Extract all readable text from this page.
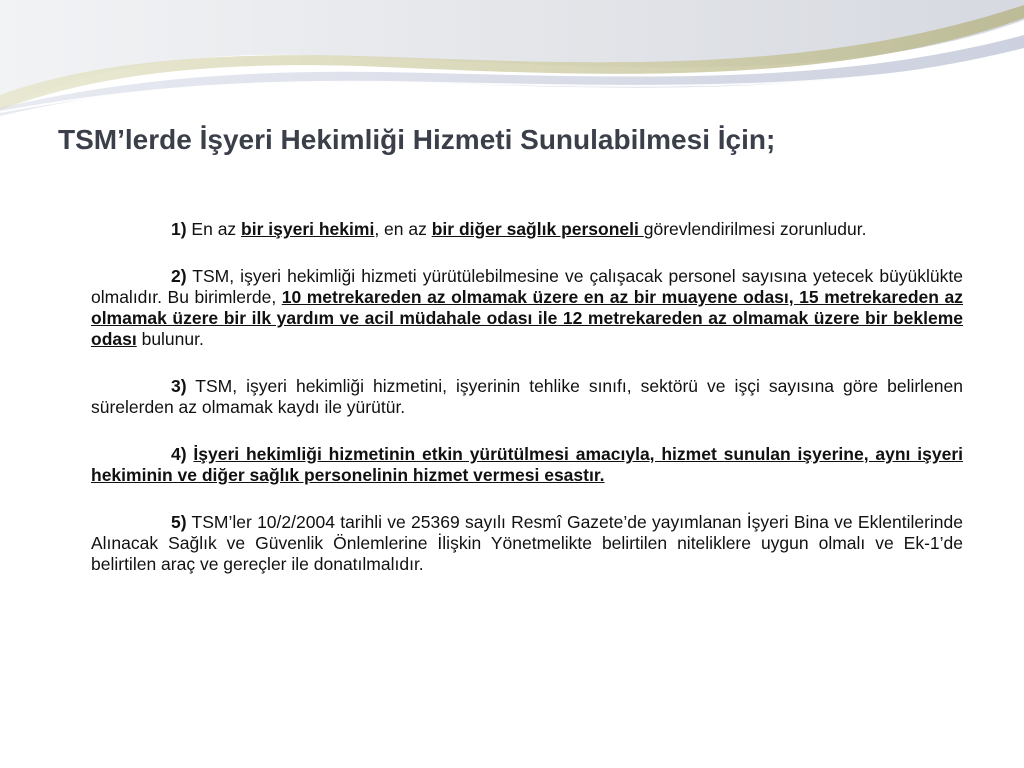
TSM’lerde İşyeri Hekimliği Hizmeti Sunulabilmesi İçin;

1) En az bir işyeri hekimi, en az bir diğer sağlık personeli görevlendirilmesi zorunludur.

2) TSM, işyeri hekimliği hizmeti yürütülebilmesine ve çalışacak personel sayısına yetecek büyüklükte olmalıdır. Bu birimlerde, 10 metrekareden az olmamak üzere en az bir muayene odası, 15 metrekareden az olmamak üzere bir ilk yardım ve acil müdahale odası ile 12 metrekareden az olmamak üzere bir bekleme odası bulunur.

3) TSM, işyeri hekimliği hizmetini, işyerinin tehlike sınıfı, sektörü ve işçi sayısına göre belirlenen sürelerden az olmamak kaydı ile yürütür.

4) İşyeri hekimliği hizmetinin etkin yürütülmesi amacıyla, hizmet sunulan işyerine, aynı işyeri hekiminin ve diğer sağlık personelinin hizmet vermesi esastır.

5) TSM’ler 10/2/2004 tarihli ve 25369 sayılı Resmî Gazete’de yayımlanan İşyeri Bina ve Eklentilerinde Alınacak Sağlık ve Güvenlik Önlemlerine İlişkin Yönetmelikte belirtilen niteliklere uygun olmalı ve Ek-1’de belirtilen araç ve gereçler ile donatılmalıdır.
